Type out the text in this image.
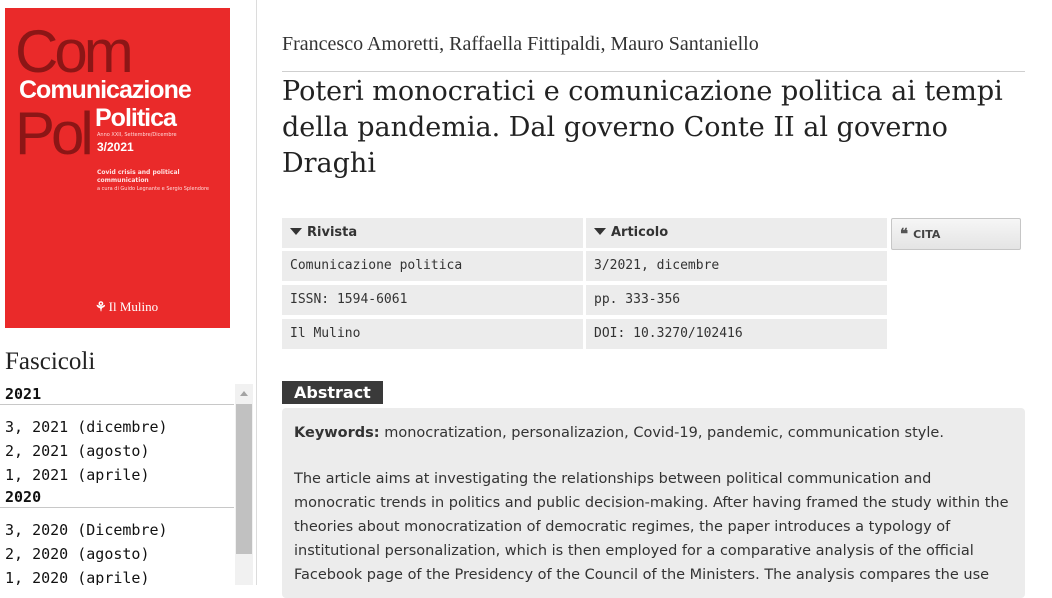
Com
Pol
Comunicazione
Politica
Anno XXII, Settembre/Dicembre
3/2021
Covid crisis and political communication
a cura di Guido Legnante e Sergio Splendore
⚘ Il Mulino
Fascicoli
2021
3, 2021 (dicembre)
2, 2021 (agosto)
1, 2021 (aprile)
2020
3, 2020 (Dicembre)
2, 2020 (agosto)
1, 2020 (aprile)
Francesco Amoretti, Raffaella Fittipaldi, Mauro Santaniello
Poteri monocratici e comunicazione politica ai tempi della pandemia. Dal governo Conte II al governo Draghi
Rivista	Articolo	❝ CITA
Comunicazione politica	3/2021, dicembre
ISSN: 1594-6061	pp. 333-356
Il Mulino	DOI: 10.3270/102416
Abstract
Keywords: monocratization, personalizazion, Covid-19, pandemic, communication style.
The article aims at investigating the relationships between political communication and monocratic trends in politics and public decision-making. After having framed the study within the theories about monocratization of democratic regimes, the paper introduces a typology of institutional personalization, which is then employed for a comparative analysis of the official Facebook page of the Presidency of the Council of the Ministers. The analysis compares the use
